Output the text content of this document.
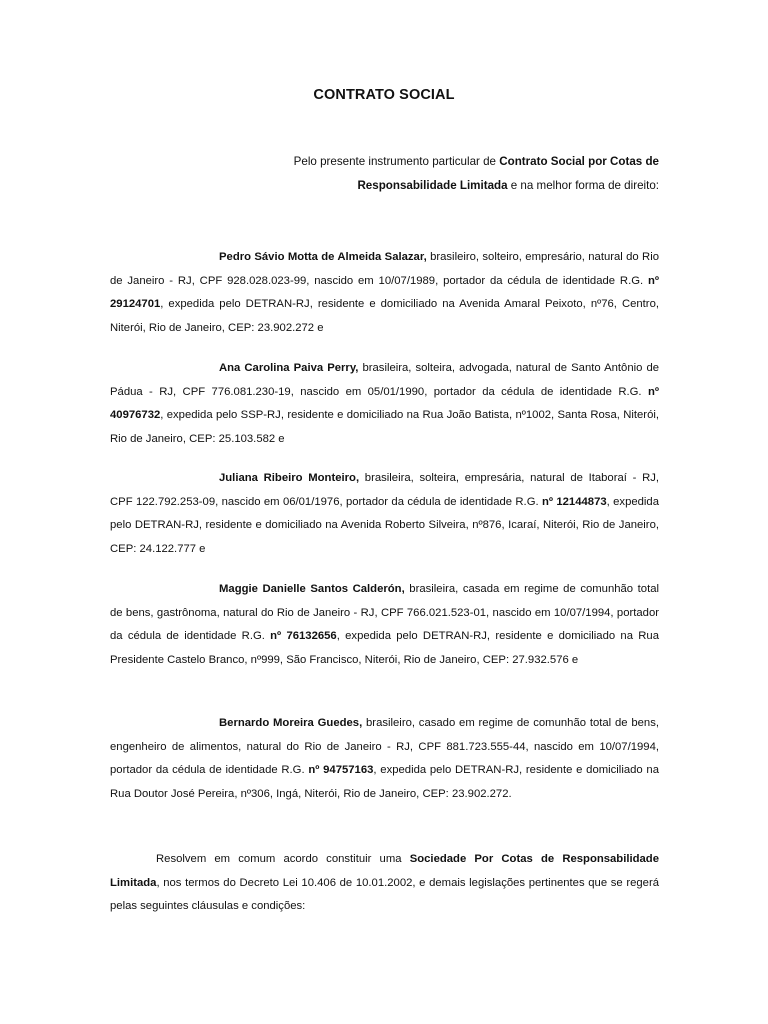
CONTRATO SOCIAL
Pelo presente instrumento particular de Contrato Social por Cotas de Responsabilidade Limitada e na melhor forma de direito:
Pedro Sávio Motta de Almeida Salazar, brasileiro, solteiro, empresário, natural do Rio de Janeiro - RJ, CPF 928.028.023-99, nascido em 10/07/1989, portador da cédula de identidade R.G. nº 29124701, expedida pelo DETRAN-RJ, residente e domiciliado na Avenida Amaral Peixoto, nº76, Centro, Niterói, Rio de Janeiro, CEP: 23.902.272 e
Ana Carolina Paiva Perry, brasileira, solteira, advogada, natural de Santo Antônio de Pádua - RJ, CPF 776.081.230-19, nascido em 05/01/1990, portador da cédula de identidade R.G. nº 40976732, expedida pelo SSP-RJ, residente e domiciliado na Rua João Batista, nº1002, Santa Rosa, Niterói, Rio de Janeiro, CEP: 25.103.582 e
Juliana Ribeiro Monteiro, brasileira, solteira, empresária, natural de Itaboraí - RJ, CPF 122.792.253-09, nascido em 06/01/1976, portador da cédula de identidade R.G. nº 12144873, expedida pelo DETRAN-RJ, residente e domiciliado na Avenida Roberto Silveira, nº876, Icaraí, Niterói, Rio de Janeiro, CEP: 24.122.777 e
Maggie Danielle Santos Calderón, brasileira, casada em regime de comunhão total de bens, gastrônoma, natural do Rio de Janeiro - RJ, CPF 766.021.523-01, nascido em 10/07/1994, portador da cédula de identidade R.G. nº 76132656, expedida pelo DETRAN-RJ, residente e domiciliado na Rua Presidente Castelo Branco, nº999, São Francisco, Niterói, Rio de Janeiro, CEP: 27.932.576 e
Bernardo Moreira Guedes, brasileiro, casado em regime de comunhão total de bens, engenheiro de alimentos, natural do Rio de Janeiro - RJ, CPF 881.723.555-44, nascido em 10/07/1994, portador da cédula de identidade R.G. nº 94757163, expedida pelo DETRAN-RJ, residente e domiciliado na Rua Doutor José Pereira, nº306, Ingá, Niterói, Rio de Janeiro, CEP: 23.902.272.
Resolvem em comum acordo constituir uma Sociedade Por Cotas de Responsabilidade Limitada, nos termos do Decreto Lei 10.406 de 10.01.2002, e demais legislações pertinentes que se regerá pelas seguintes cláusulas e condições:
